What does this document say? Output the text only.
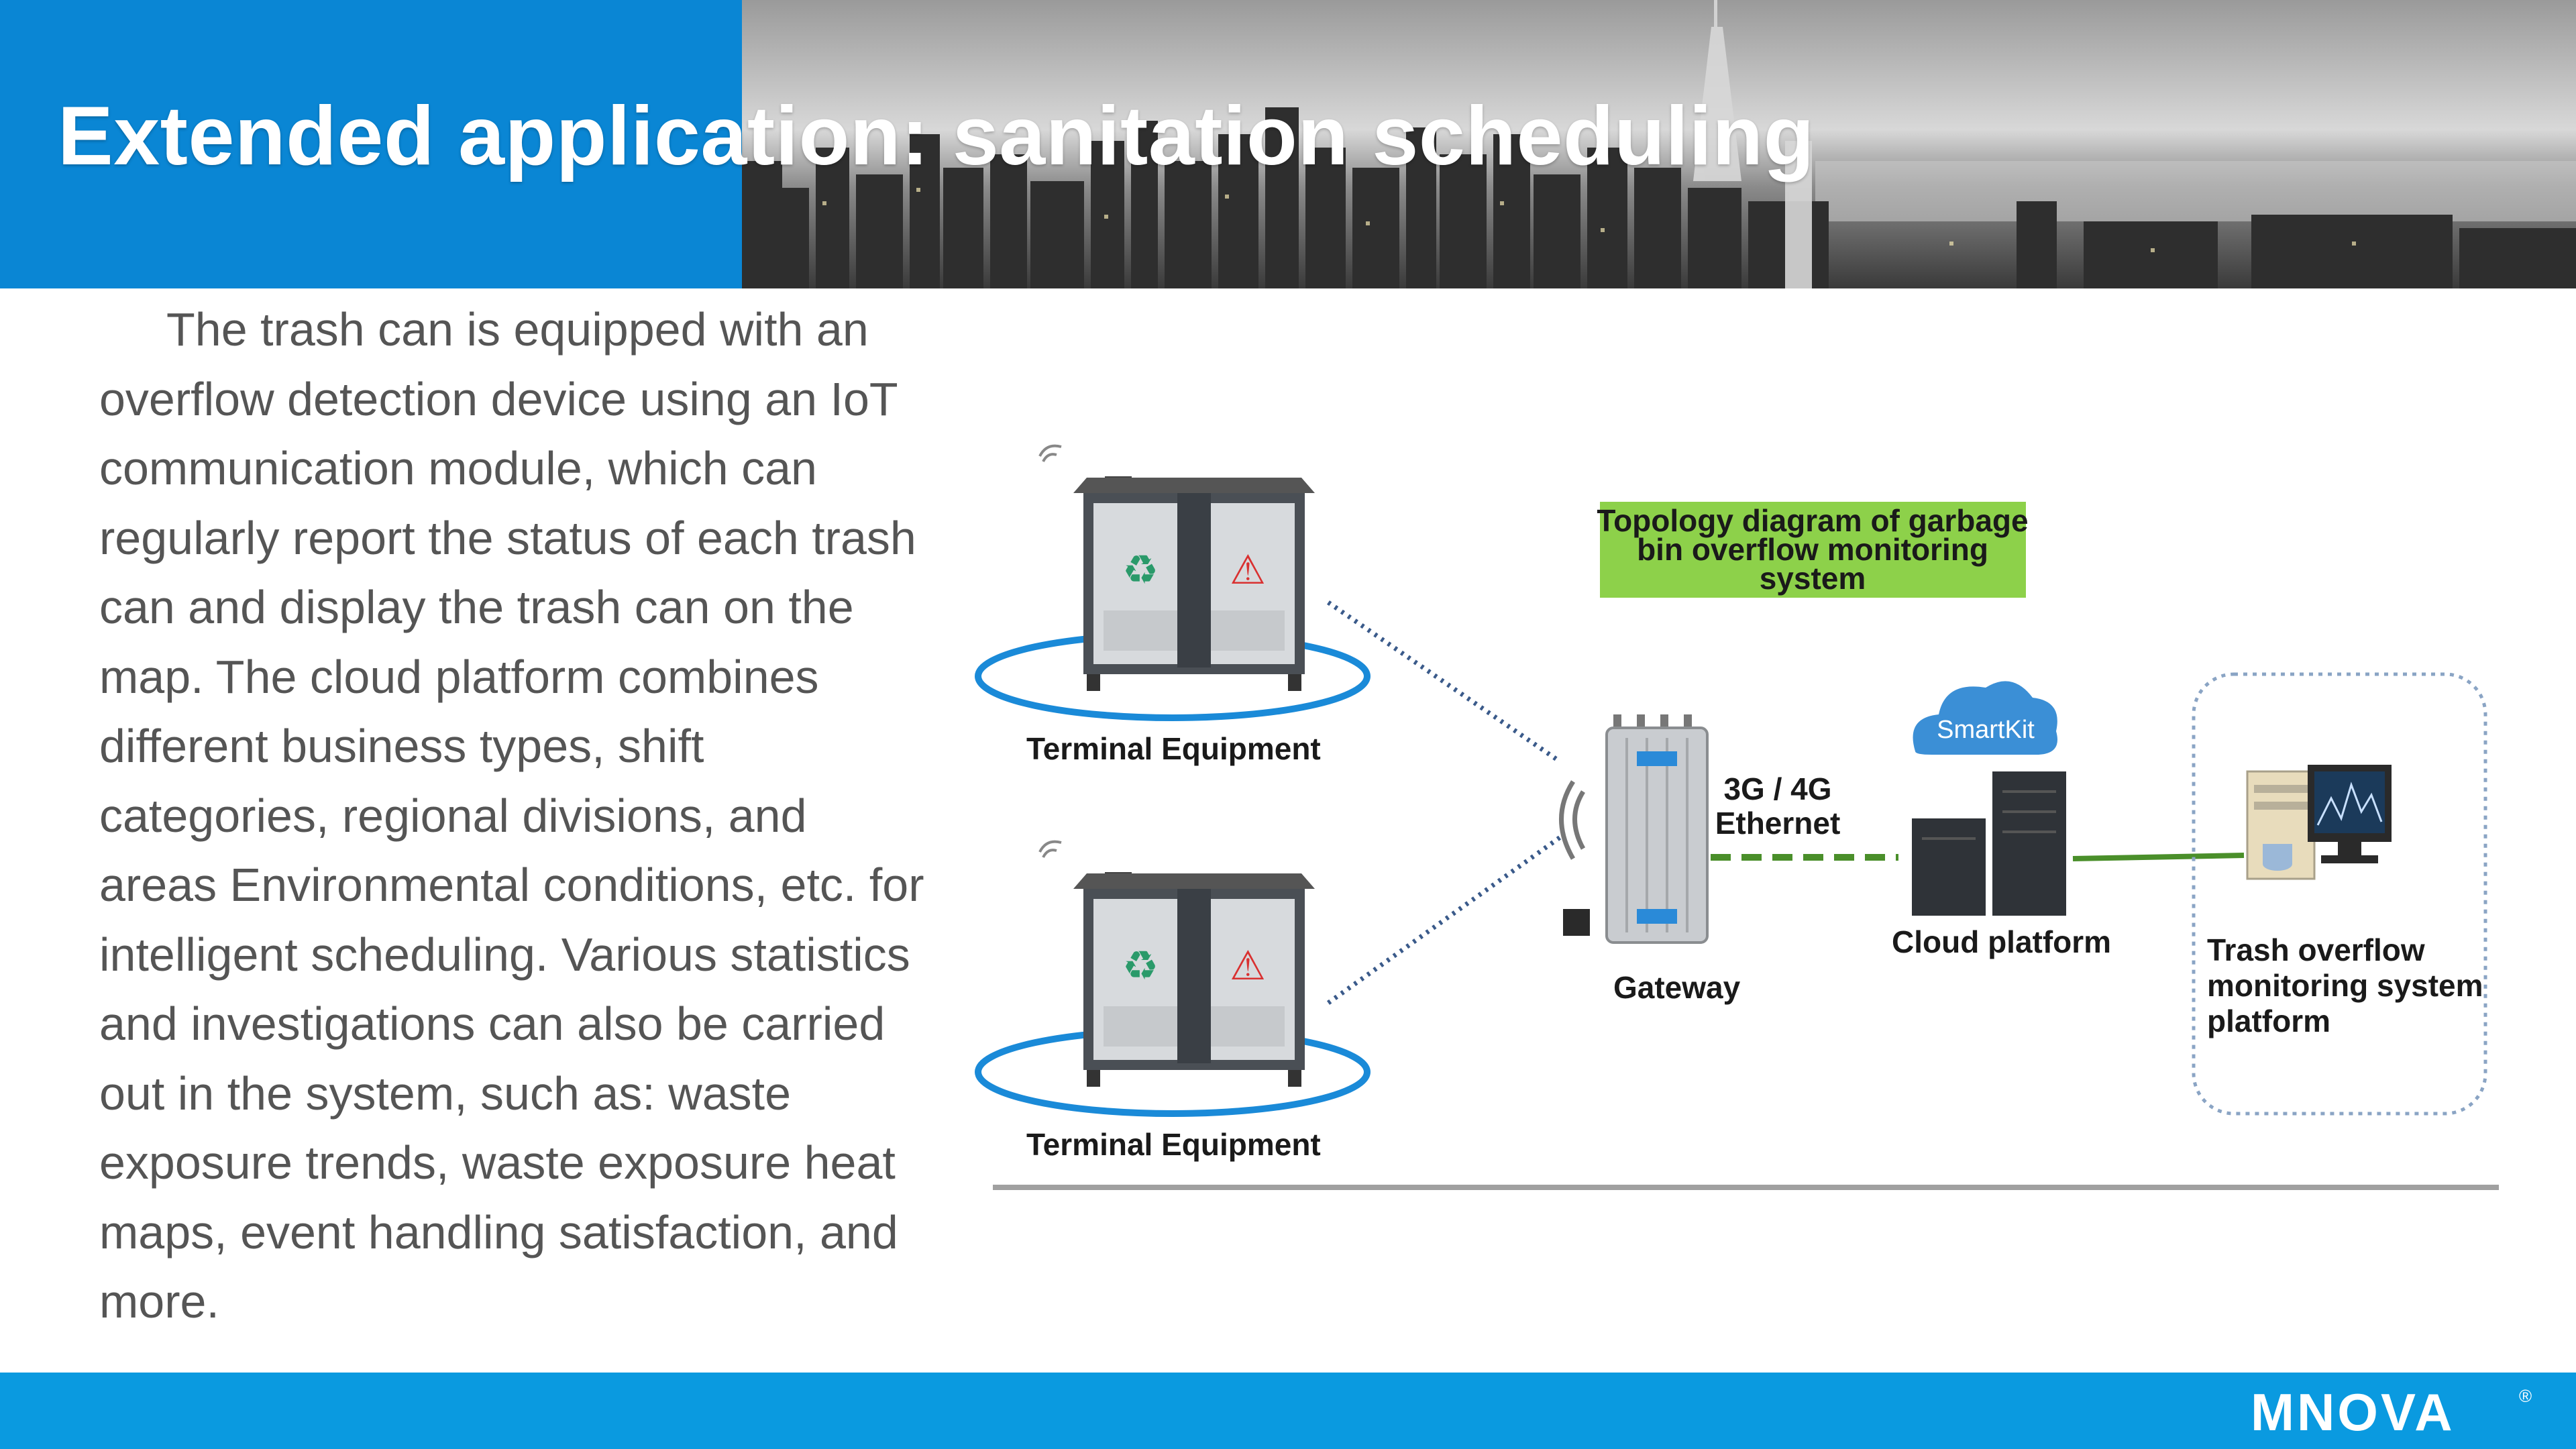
Extended application: sanitation scheduling

The trash can is equipped with an overflow detection device using an IoT communication module, which can regularly report the status of each trash can and display the trash can on the map. The cloud platform combines different business types, shift categories, regional divisions, and areas Environmental conditions, etc. for intelligent scheduling. Various statistics and investigations can also be carried out in the system, such as: waste exposure trends, waste exposure heat maps, event handling satisfaction, and more.

Topology diagram of garbage
bin overflow monitoring
system
♻ ⚠
Terminal Equipment
♻ ⚠
Terminal Equipment
Gateway
3G / 4G
Ethernet
SmartKit
Cloud platform	Trash overflow
monitoring system
platform
MNOVA	®
